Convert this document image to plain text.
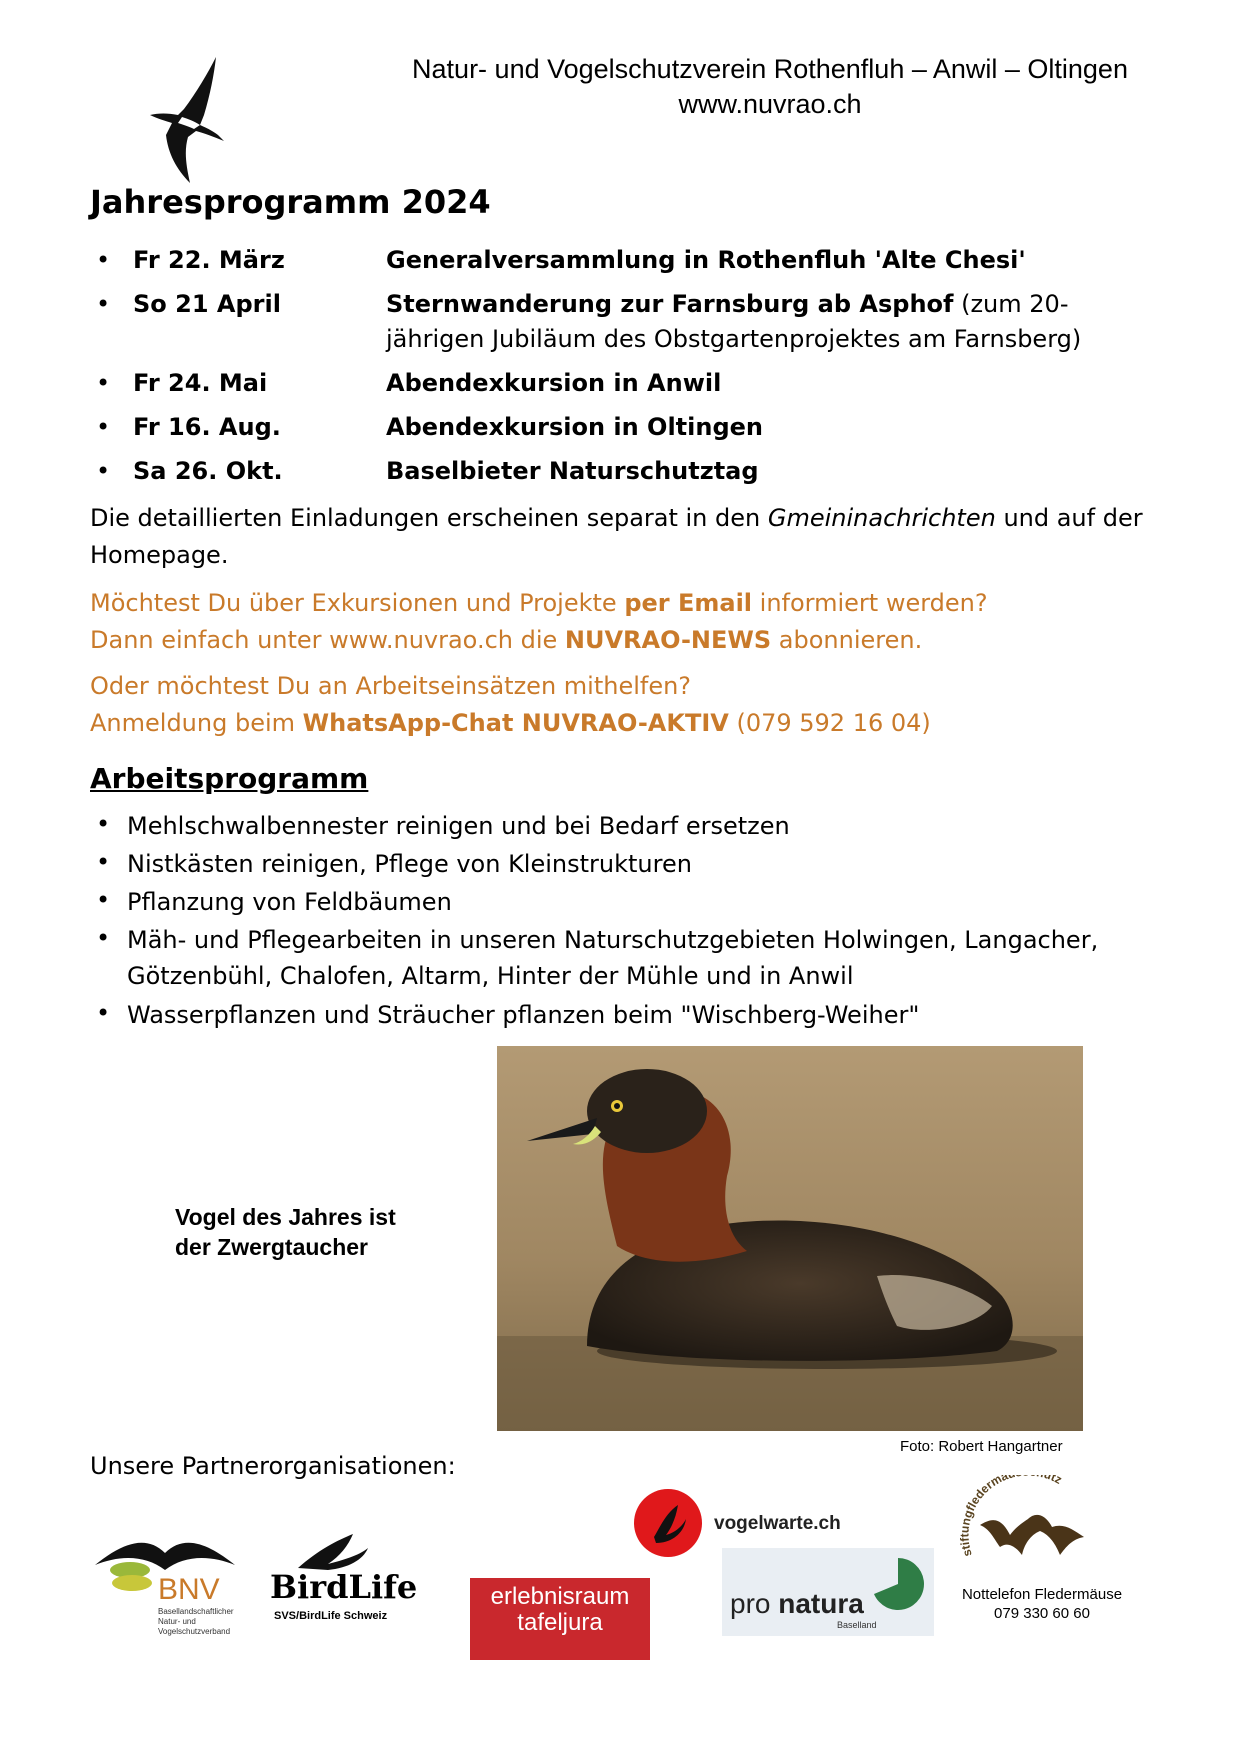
Natur- und Vogelschutzverein Rothenfluh – Anwil – Oltingen
www.nuvrao.ch
Jahresprogramm 2024
• Fr 22. März	Generalversammlung in Rothenfluh 'Alte Chesi'
• So 21 April	Sternwanderung zur Farnsburg ab Asphof (zum 20-jährigen Jubiläum des Obstgartenprojektes am Farnsberg)
• Fr 24. Mai	Abendexkursion in Anwil
• Fr 16. Aug.	Abendexkursion in Oltingen
• Sa 26. Okt.	Baselbieter Naturschutztag
Die detaillierten Einladungen erscheinen separat in den Gmeininachrichten und auf der Homepage.
Möchtest Du über Exkursionen und Projekte per Email informiert werden?
Dann einfach unter www.nuvrao.ch die NUVRAO-NEWS abonnieren.
Oder möchtest Du an Arbeitseinsätzen mithelfen?
Anmeldung beim WhatsApp-Chat NUVRAO-AKTIV (079 592 16 04)
Arbeitsprogramm
• Mehlschwalbennester reinigen und bei Bedarf ersetzen
• Nistkästen reinigen, Pflege von Kleinstrukturen
• Pflanzung von Feldbäumen
• Mäh- und Pflegearbeiten in unseren Naturschutzgebieten Holwingen, Langacher, Götzenbühl, Chalofen, Altarm, Hinter der Mühle und in Anwil
• Wasserpflanzen und Sträucher pflanzen beim "Wischberg-Weiher"
Vogel des Jahres ist
der Zwergtaucher
Foto: Robert Hangartner
Unsere Partnerorganisationen:
BNV
Basellandschaftlicher
Natur- und
Vogelschutzverband
BirdLife
SVS/BirdLife Schweiz
erlebnisraum
tafeljura
vogelwarte.ch
pro natura
Baselland
s gflederma tz
Nottelefon Fledermäuse
079 330 60 60
